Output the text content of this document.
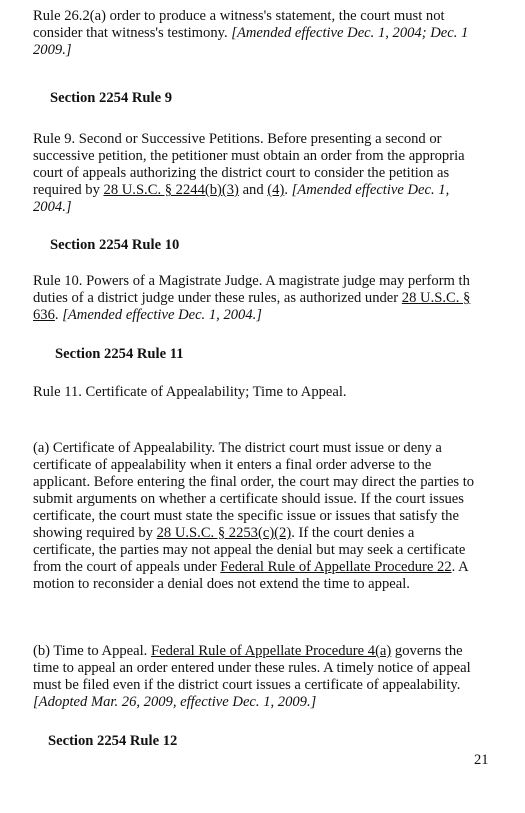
Rule 26.2(a) order to produce a witness's statement, the court must not
consider that witness's testimony. [Amended effective Dec. 1, 2004; Dec. 1
2009.]
Section 2254 Rule 9
Rule 9. Second or Successive Petitions. Before presenting a second or
successive petition, the petitioner must obtain an order from the appropria
court of appeals authorizing the district court to consider the petition as
required by 28 U.S.C. § 2244(b)(3) and (4). [Amended effective Dec. 1,
2004.]
Section 2254 Rule 10
Rule 10. Powers of a Magistrate Judge. A magistrate judge may perform th
duties of a district judge under these rules, as authorized under 28 U.S.C. §
636. [Amended effective Dec. 1, 2004.]
Section 2254 Rule 11
Rule 11. Certificate of Appealability; Time to Appeal.
(a) Certificate of Appealability. The district court must issue or deny a
certificate of appealability when it enters a final order adverse to the
applicant. Before entering the final order, the court may direct the parties to
submit arguments on whether a certificate should issue. If the court issues
certificate, the court must state the specific issue or issues that satisfy the
showing required by 28 U.S.C. § 2253(c)(2). If the court denies a
certificate, the parties may not appeal the denial but may seek a certificate
from the court of appeals under Federal Rule of Appellate Procedure 22. A
motion to reconsider a denial does not extend the time to appeal.
(b) Time to Appeal. Federal Rule of Appellate Procedure 4(a) governs the
time to appeal an order entered under these rules. A timely notice of appeal
must be filed even if the district court issues a certificate of appealability.
[Adopted Mar. 26, 2009, effective Dec. 1, 2009.]
Section 2254 Rule 12
21
